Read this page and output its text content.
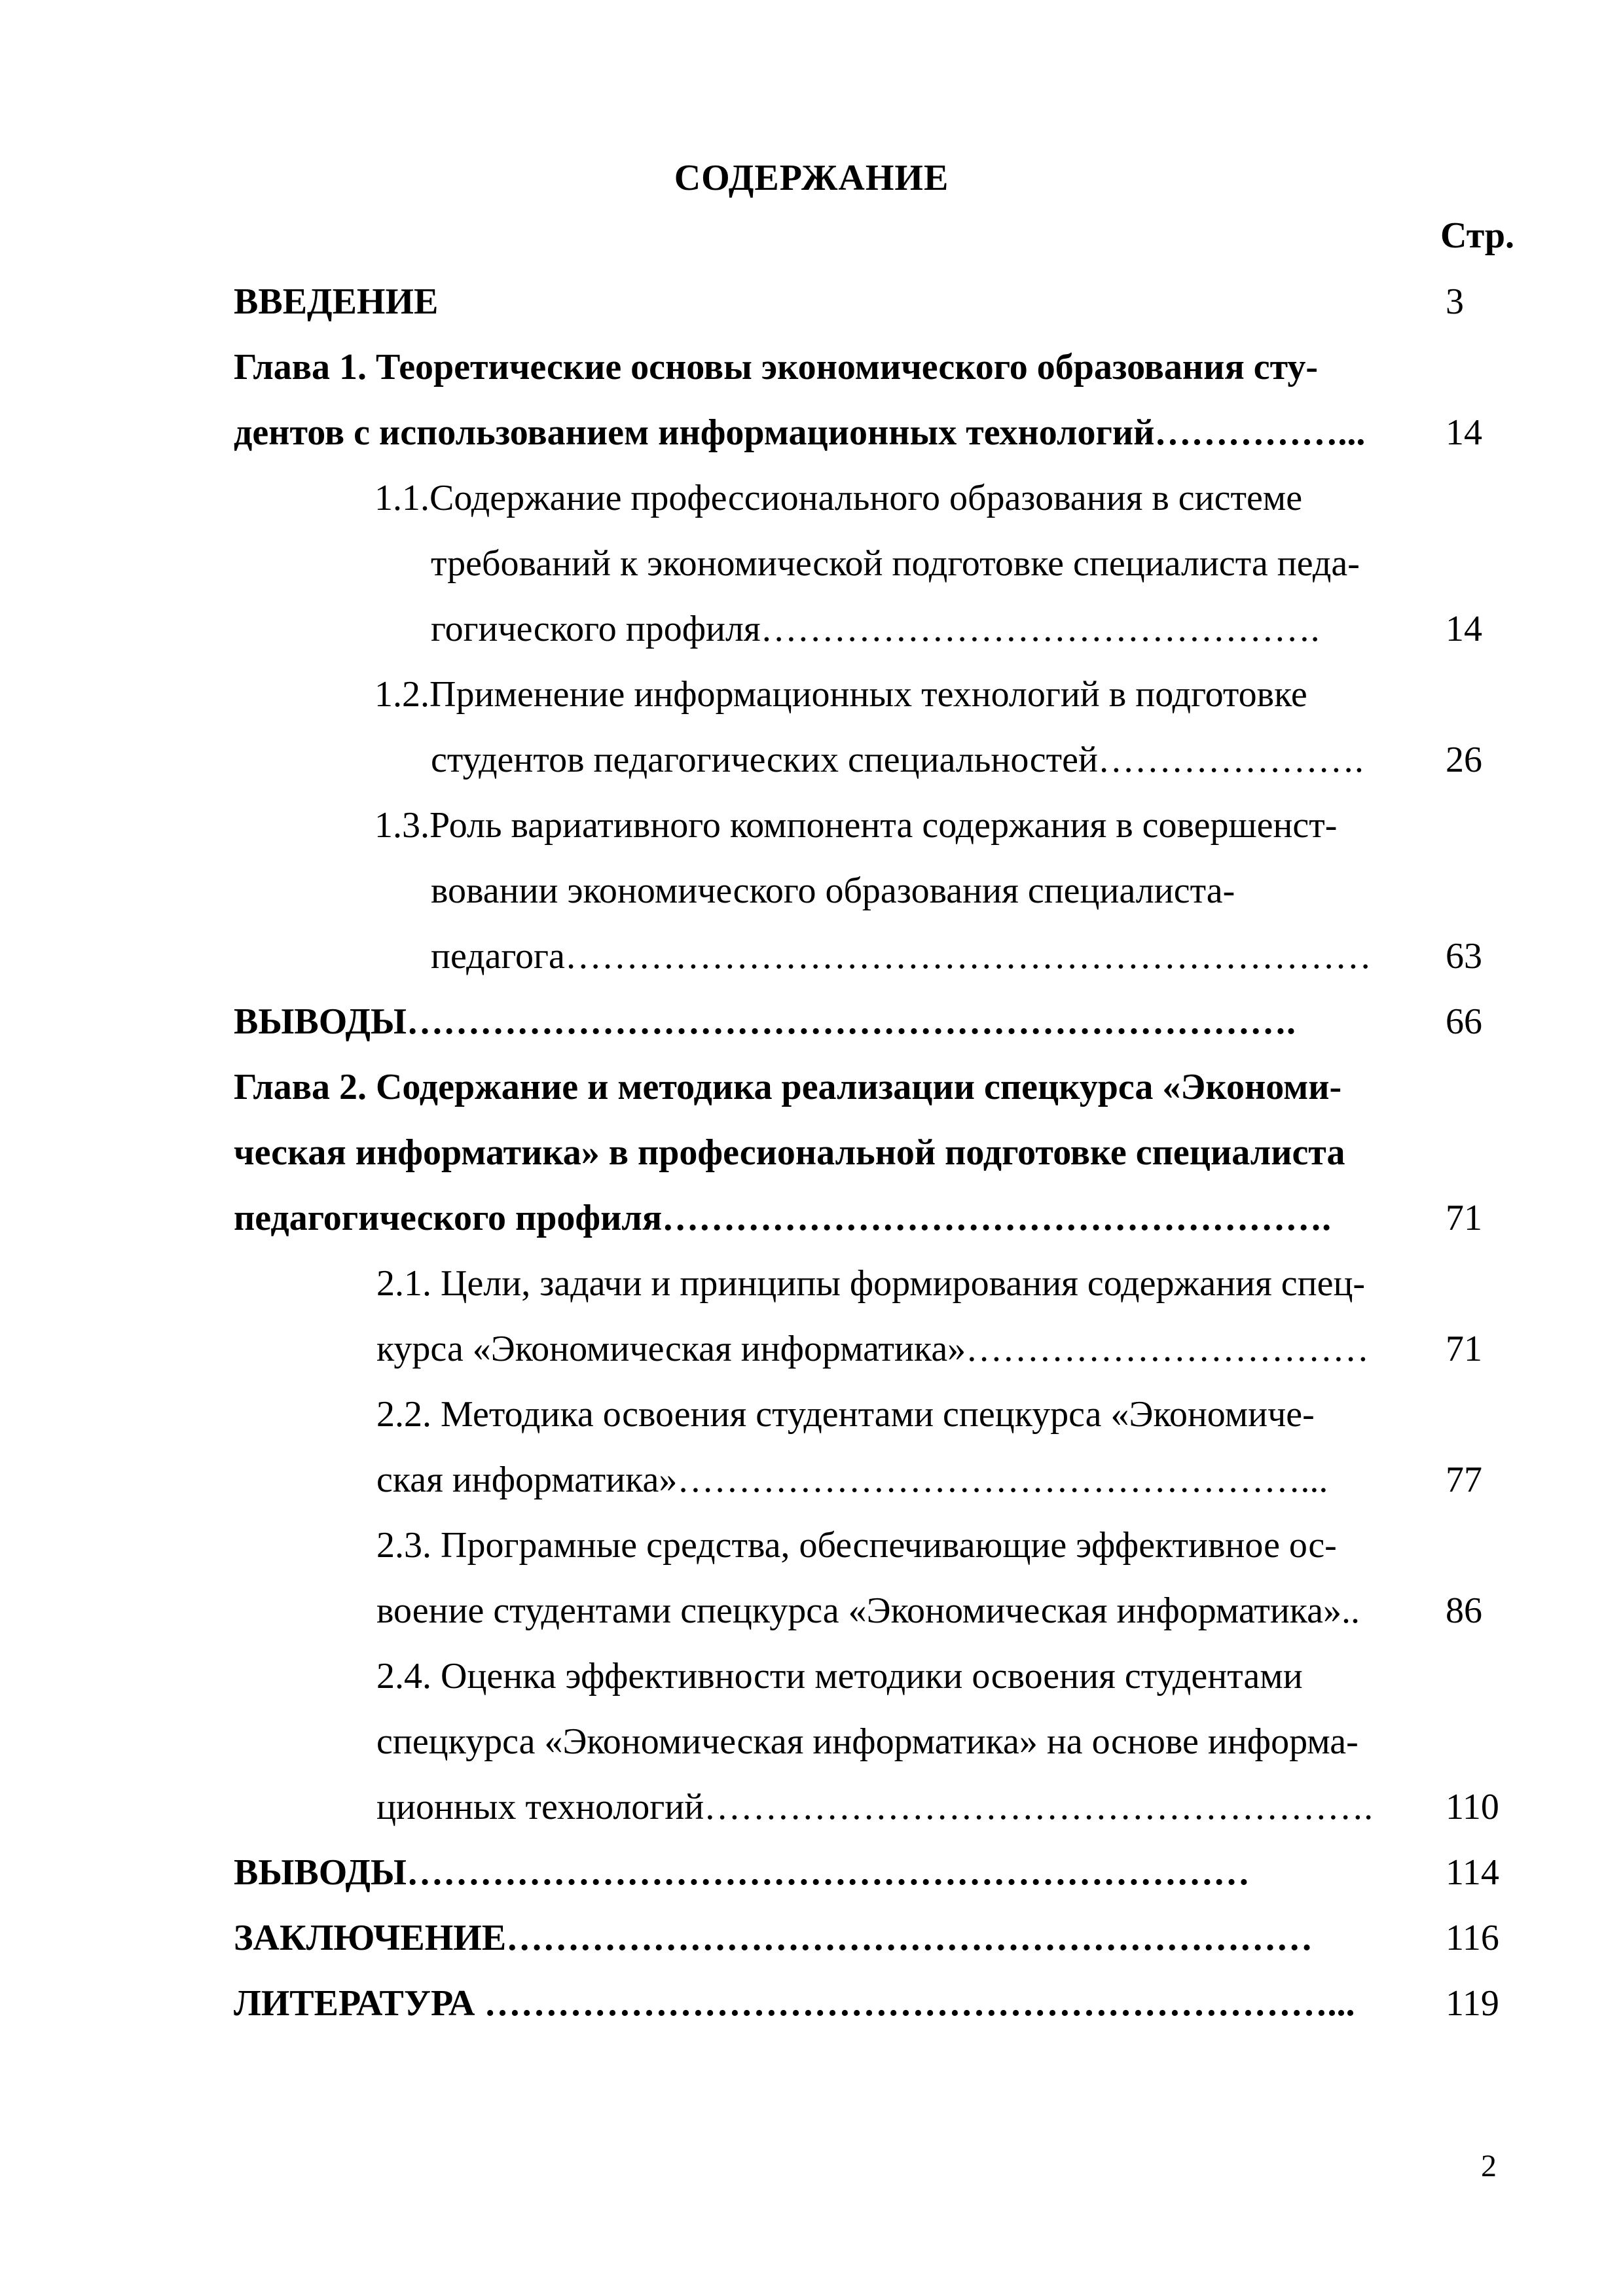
СОДЕРЖАНИЕ
Стр.
ВВЕДЕНИЕ	3
Глава 1. Теоретические основы экономического образования сту-
дентов с использованием информационных технологий……………... 14
1.1.Содержание профессионального образования в системе
требований к экономической подготовке специалиста педа-
гогического профиля……………………………………….	14
1.2.Применение информационных технологий в подготовке
студентов педагогических специальностей…………………. 26
1.3.Роль вариативного компонента содержания в совершенст-
вовании экономического образования специалиста-
педагога………………………………………………………… 63
ВЫВОДЫ……………………………………………………………….	66
Глава 2. Содержание и методика реализации спецкурса «Экономи-
ческая информатика» в професиональной подготовке специалиста
педагогического профиля……………………………………………….	71
2.1. Цели, задачи и принципы формирования содержания спец-
курса «Экономическая информатика»…………………………… 71
2.2. Методика освоения студентами спецкурса «Экономиче-
ская информатика»……………………………………………...	77
2.3. Програмные средства, обеспечивающие эффективное ос-
воение студентами спецкурса «Экономическая информатика».. 86
2.4. Оценка эффективности методики освоения студентами
спецкурса «Экономическая информатика» на основе информа-
ционных технологий………………………………………………. 110
ВЫВОДЫ……………………………………………………………	114
ЗАКЛЮЧЕНИЕ…………………………………………………………	116
ЛИТЕРАТУРА ……………………………………………………………... 119
2
